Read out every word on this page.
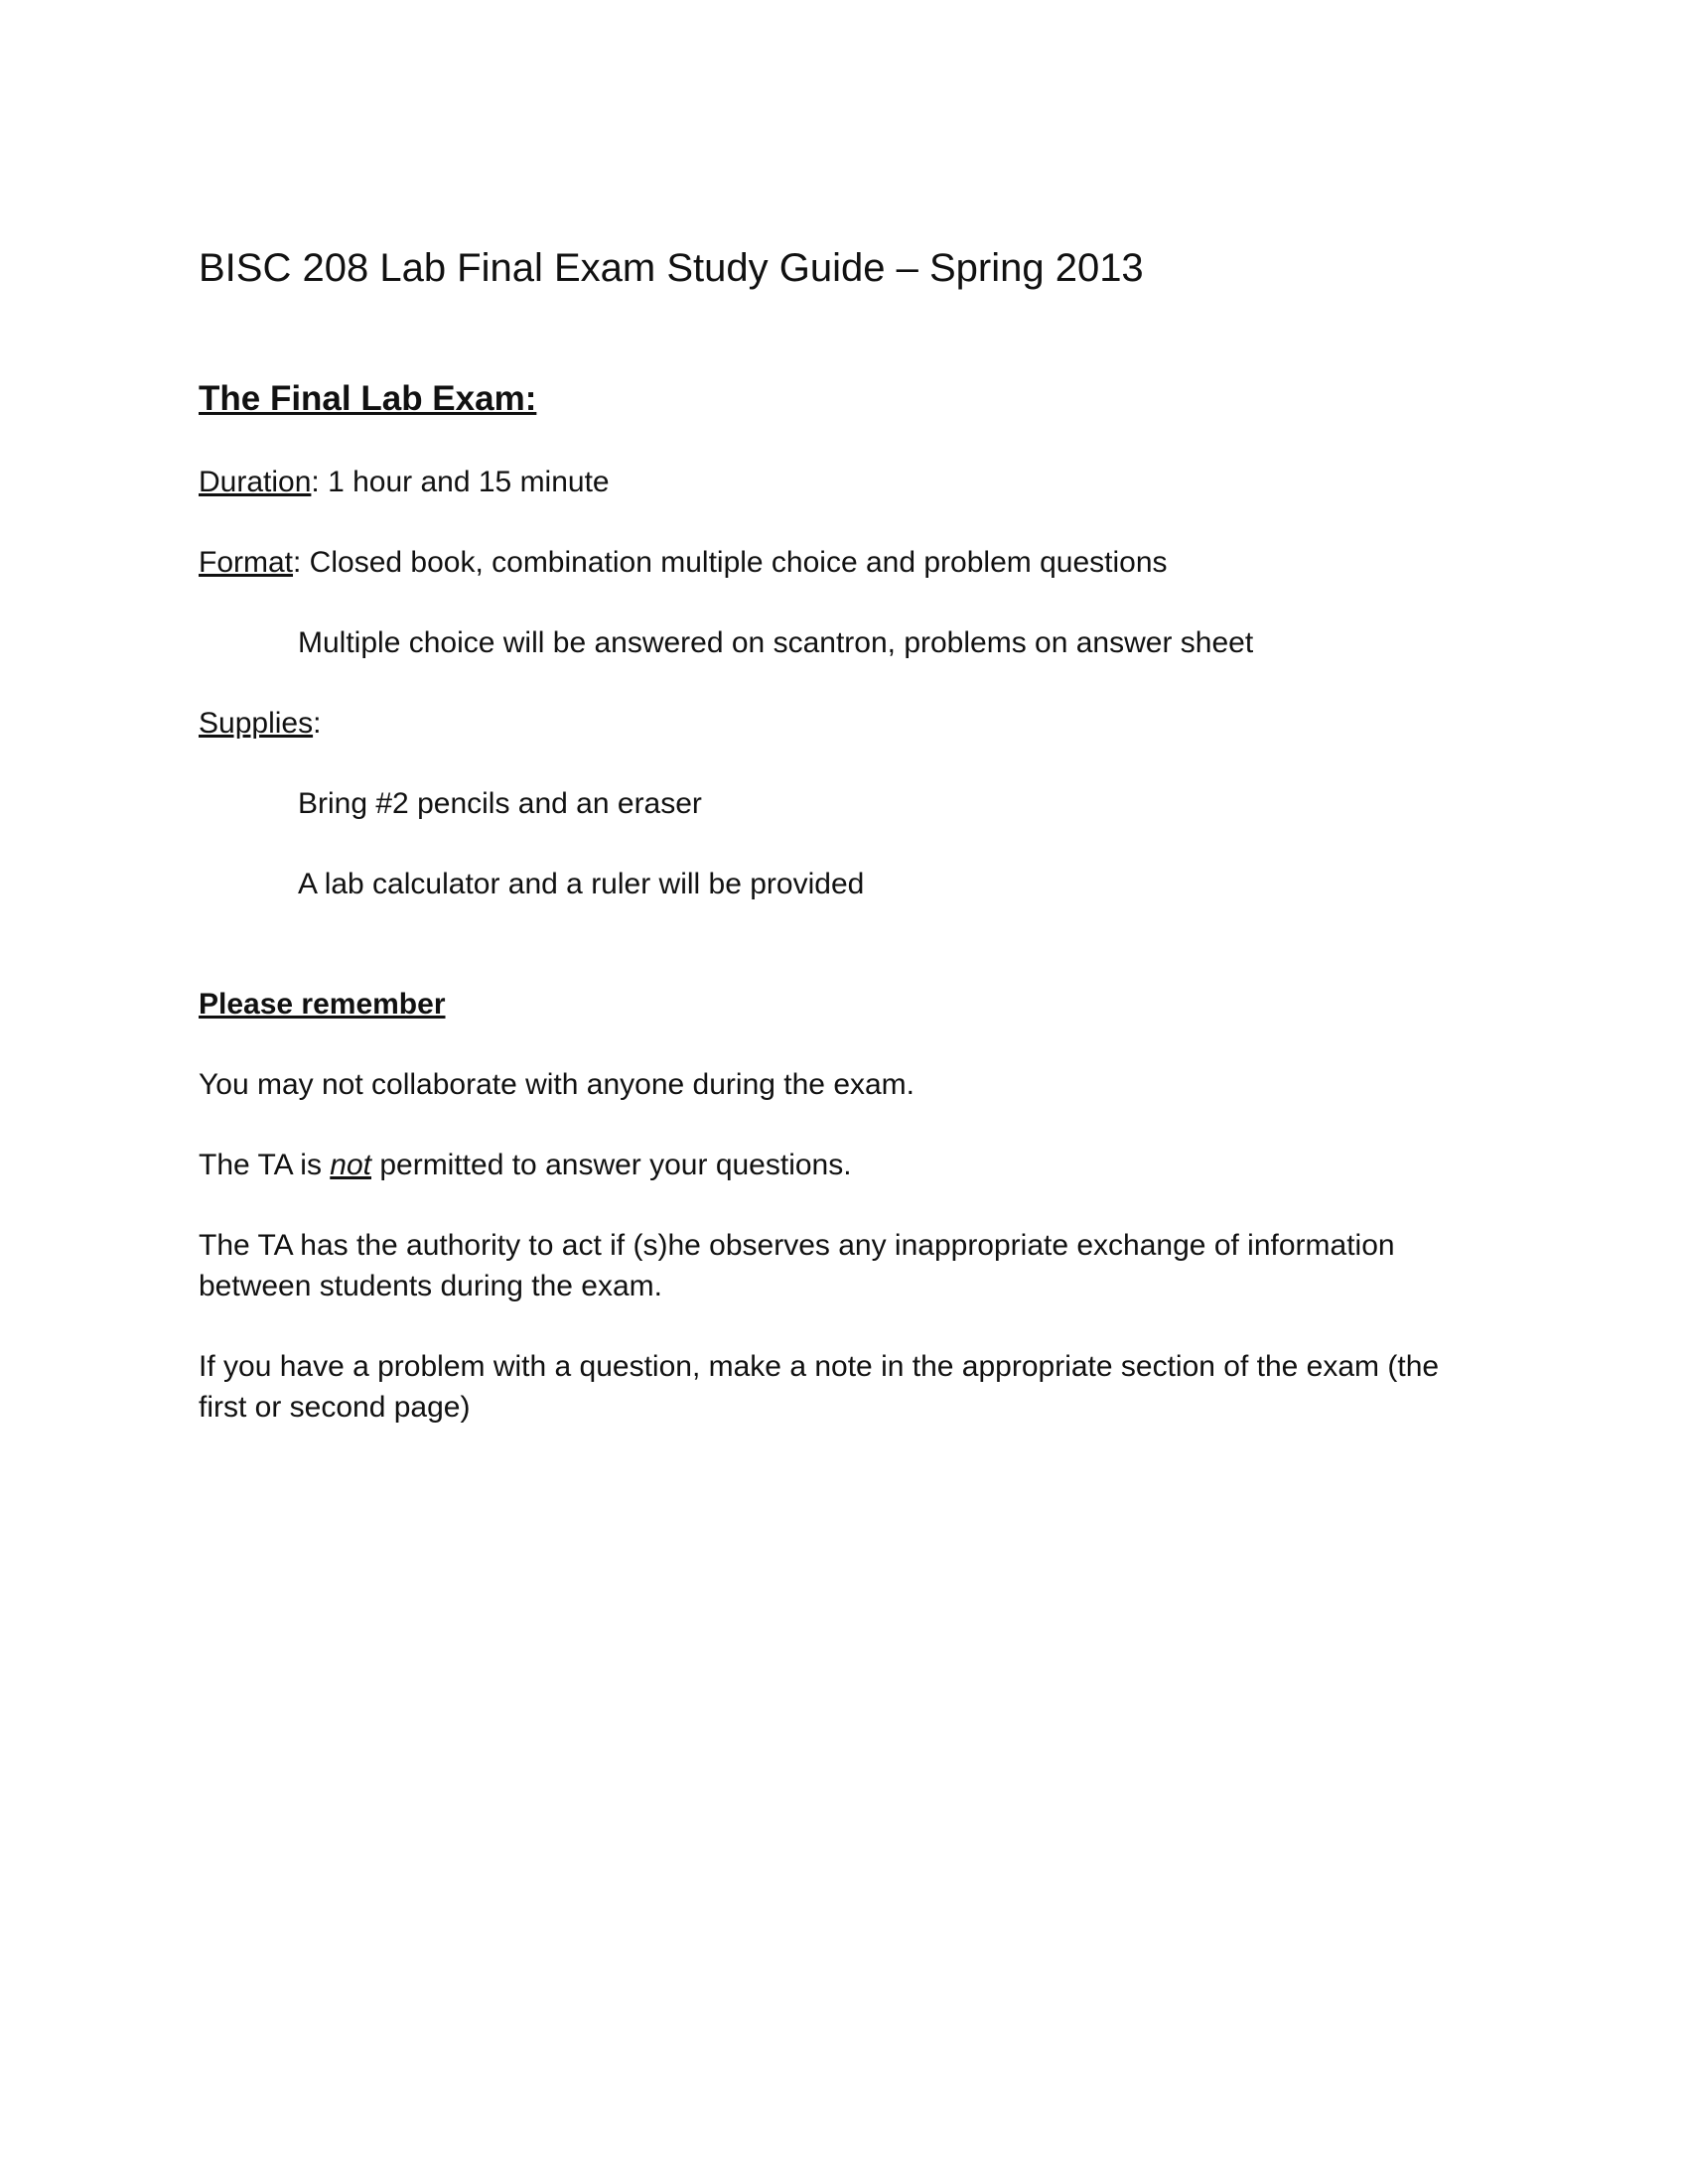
BISC 208 Lab Final Exam Study Guide – Spring 2013

The Final Lab Exam:

Duration: 1 hour and 15 minute

Format: Closed book, combination multiple choice and problem questions

Multiple choice will be answered on scantron, problems on answer sheet

Supplies:

Bring #2 pencils and an eraser

A lab calculator and a ruler will be provided

Please remember

You may not collaborate with anyone during the exam.

The TA is not permitted to answer your questions.

The TA has the authority to act if (s)he observes any inappropriate exchange of information

between students during the exam.

If you have a problem with a question, make a note in the appropriate section of the exam (the

first or second page)
